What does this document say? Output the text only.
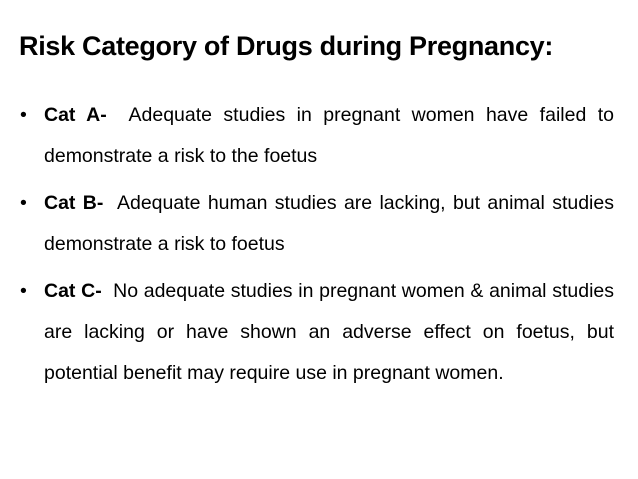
Risk Category of Drugs during Pregnancy:
• Cat A-  Adequate studies in pregnant women have failed to demonstrate a risk to the foetus
• Cat B-  Adequate human studies are lacking, but animal studies demonstrate a risk to foetus
• Cat C-  No adequate studies in pregnant women & animal studies are lacking or have shown an adverse effect on foetus, but potential benefit may require use in pregnant women.
